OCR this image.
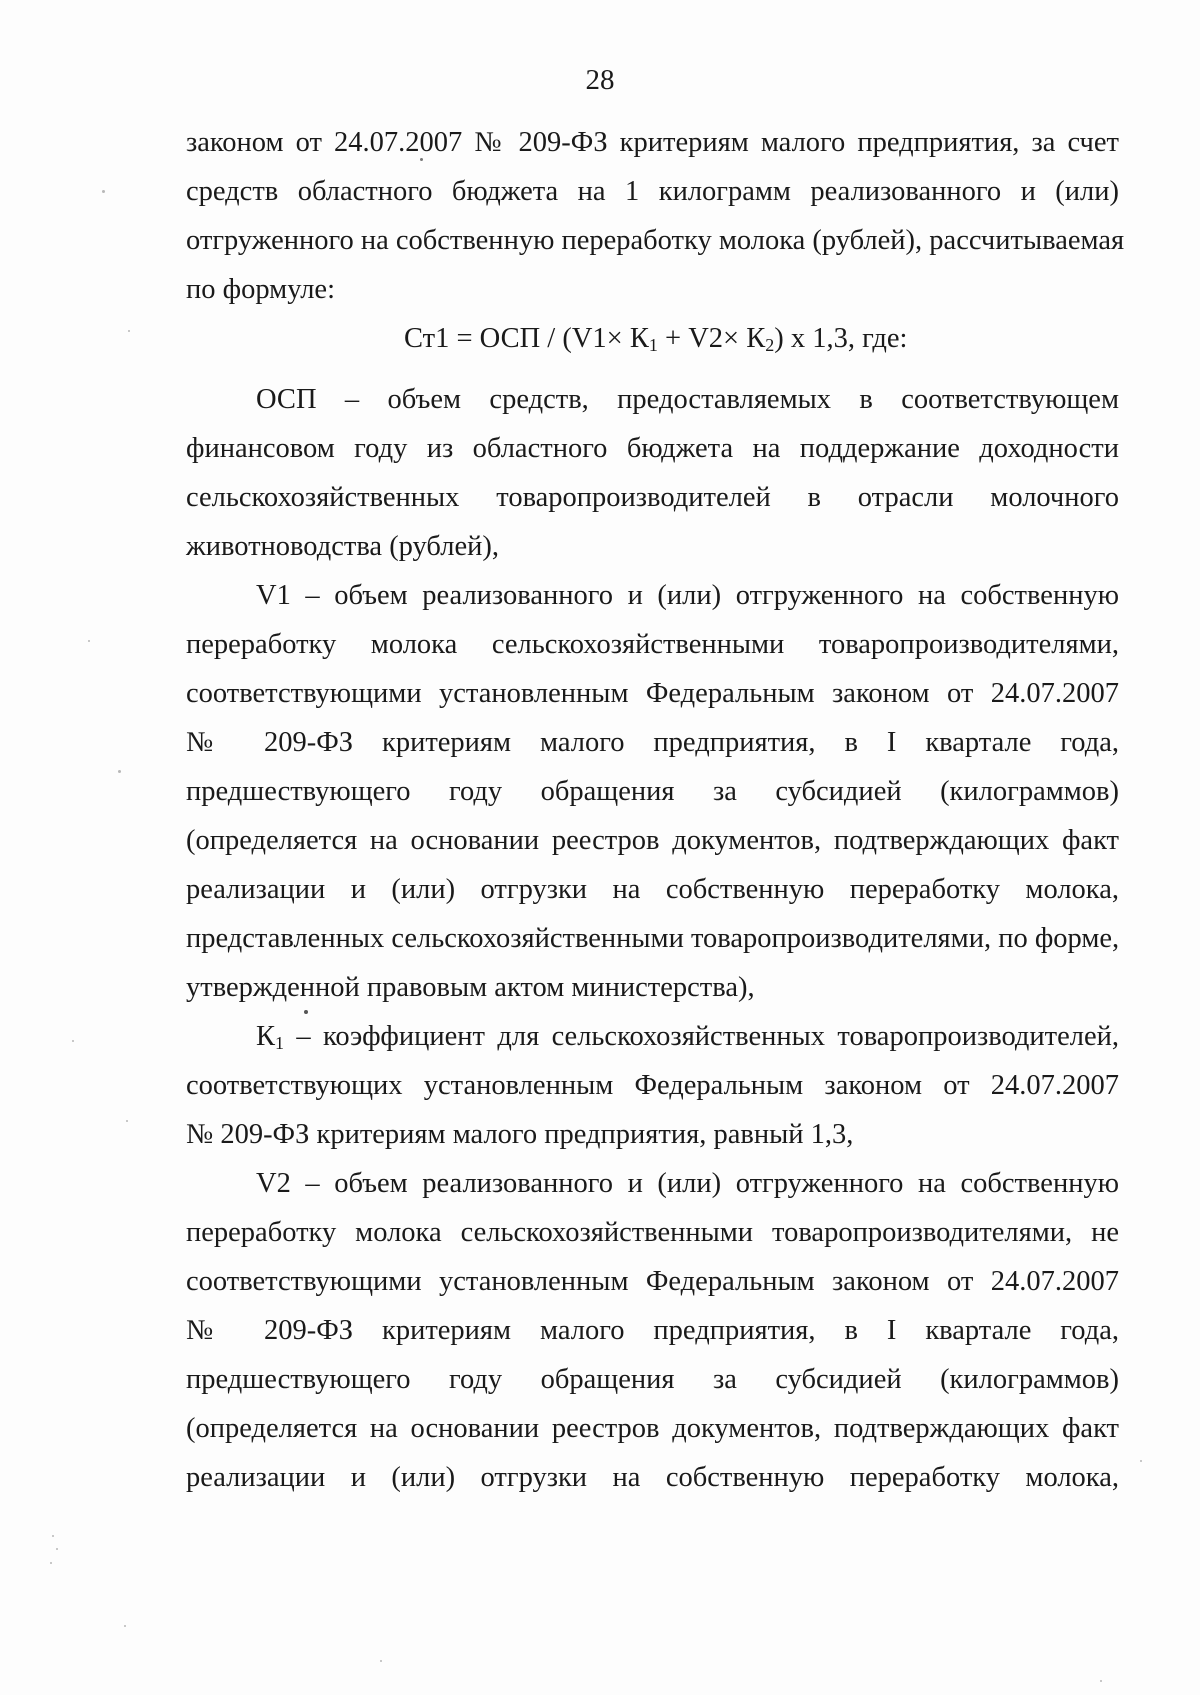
28
законом от 24.07.2007 № 209-ФЗ критериям малого предприятия, за счет
средств областного бюджета на 1 килограмм реализованного и (или)
отгруженного на собственную переработку молока (рублей), рассчитываемая
по формуле:
Ст1 = ОСП / $(V1\times К_1 + V2\times К_2)$ х 1,3, где:
ОСП – объем средств, предоставляемых в соответствующем
финансовом году из областного бюджета на поддержание доходности
сельскохозяйственных товаропроизводителей в отрасли молочного
животноводства (рублей),
V1 – объем реализованного и (или) отгруженного на собственную
переработку молока сельскохозяйственными товаропроизводителями,
соответствующими установленным Федеральным законом от 24.07.2007
№ 209-ФЗ критериям малого предприятия, в I квартале года,
предшествующего году обращения за субсидией (килограммов)
(определяется на основании реестров документов, подтверждающих факт
реализации и (или) отгрузки на собственную переработку молока,
представленных сельскохозяйственными товаропроизводителями, по форме,
утвержденной правовым актом министерства),
$К_1$ – коэффициент для сельскохозяйственных товаропроизводителей,
соответствующих установленным Федеральным законом от 24.07.2007
№ 209-ФЗ критериям малого предприятия, равный 1,3,
V2 – объем реализованного и (или) отгруженного на собственную
переработку молока сельскохозяйственными товаропроизводителями, не
соответствующими установленным Федеральным законом от 24.07.2007
№ 209-ФЗ критериям малого предприятия, в I квартале года,
предшествующего году обращения за субсидией (килограммов)
(определяется на основании реестров документов, подтверждающих факт
реализации и (или) отгрузки на собственную переработку молока,
